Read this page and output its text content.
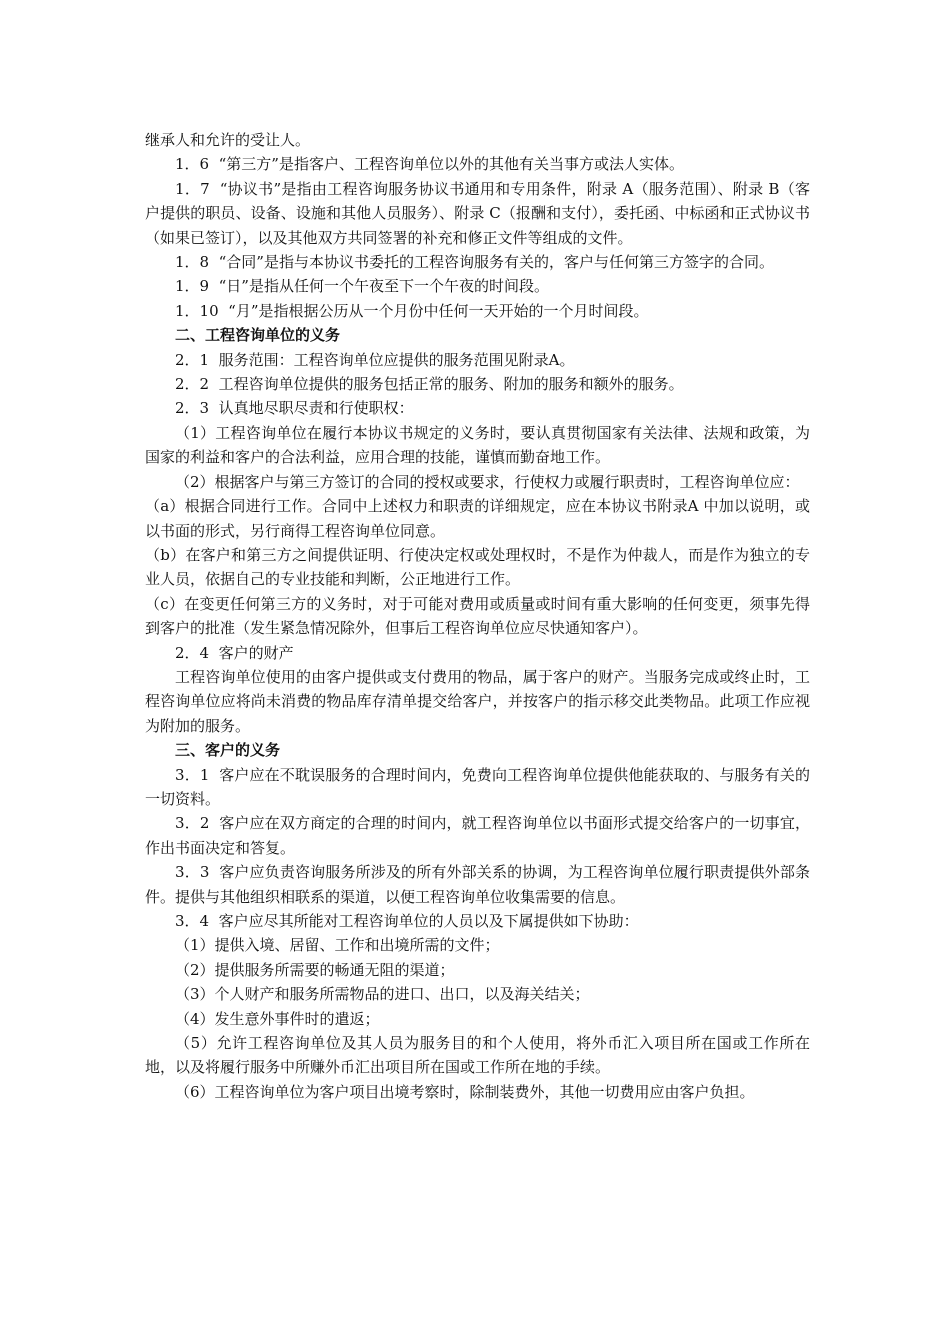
继承人和允许的受让人。

1．6  “第三方”是指客户、工程咨询单位以外的其他有关当事方或法人实体。

1．7  “协议书”是指由工程咨询服务协议书通用和专用条件，附录 A（服务范围）、附录 B（客户提供的职员、设备、设施和其他人员服务）、附录 C（报酬和支付），委托函、中标函和正式协议书（如果已签订），以及其他双方共同签署的补充和修正文件等组成的文件。

1．8  “合同”是指与本协议书委托的工程咨询服务有关的，客户与任何第三方签字的合同。

1．9  “日”是指从任何一个午夜至下一个午夜的时间段。

1．10  “月”是指根据公历从一个月份中任何一天开始的一个月时间段。

二、工程咨询单位的义务

2．1  服务范围：工程咨询单位应提供的服务范围见附录A。

2．2  工程咨询单位提供的服务包括正常的服务、附加的服务和额外的服务。

2．3  认真地尽职尽责和行使职权：

（1）工程咨询单位在履行本协议书规定的义务时，要认真贯彻国家有关法律、法规和政策，为国家的利益和客户的合法利益，应用合理的技能，谨慎而勤奋地工作。

（2）根据客户与第三方签订的合同的授权或要求，行使权力或履行职责时，工程咨询单位应：

（a）根据合同进行工作。合同中上述权力和职责的详细规定，应在本协议书附录A 中加以说明，或以书面的形式，另行商得工程咨询单位同意。

（b）在客户和第三方之间提供证明、行使决定权或处理权时，不是作为仲裁人，而是作为独立的专业人员，依据自己的专业技能和判断，公正地进行工作。

（c）在变更任何第三方的义务时，对于可能对费用或质量或时间有重大影响的任何变更，须事先得到客户的批准（发生紧急情况除外，但事后工程咨询单位应尽快通知客户）。

2．4  客户的财产

工程咨询单位使用的由客户提供或支付费用的物品，属于客户的财产。当服务完成或终止时，工程咨询单位应将尚未消费的物品库存清单提交给客户，并按客户的指示移交此类物品。此项工作应视为附加的服务。

三、客户的义务

3．1  客户应在不耽误服务的合理时间内，免费向工程咨询单位提供他能获取的、与服务有关的一切资料。

3．2  客户应在双方商定的合理的时间内，就工程咨询单位以书面形式提交给客户的一切事宜，作出书面决定和答复。

3．3  客户应负责咨询服务所涉及的所有外部关系的协调，为工程咨询单位履行职责提供外部条件。提供与其他组织相联系的渠道，以便工程咨询单位收集需要的信息。

3．4  客户应尽其所能对工程咨询单位的人员以及下属提供如下协助：

（1）提供入境、居留、工作和出境所需的文件；

（2）提供服务所需要的畅通无阻的渠道；

（3）个人财产和服务所需物品的进口、出口，以及海关结关；

（4）发生意外事件时的遣返；

（5）允许工程咨询单位及其人员为服务目的和个人使用，将外币汇入项目所在国或工作所在地，以及将履行服务中所赚外币汇出项目所在国或工作所在地的手续。

（6）工程咨询单位为客户项目出境考察时，除制装费外，其他一切费用应由客户负担。
